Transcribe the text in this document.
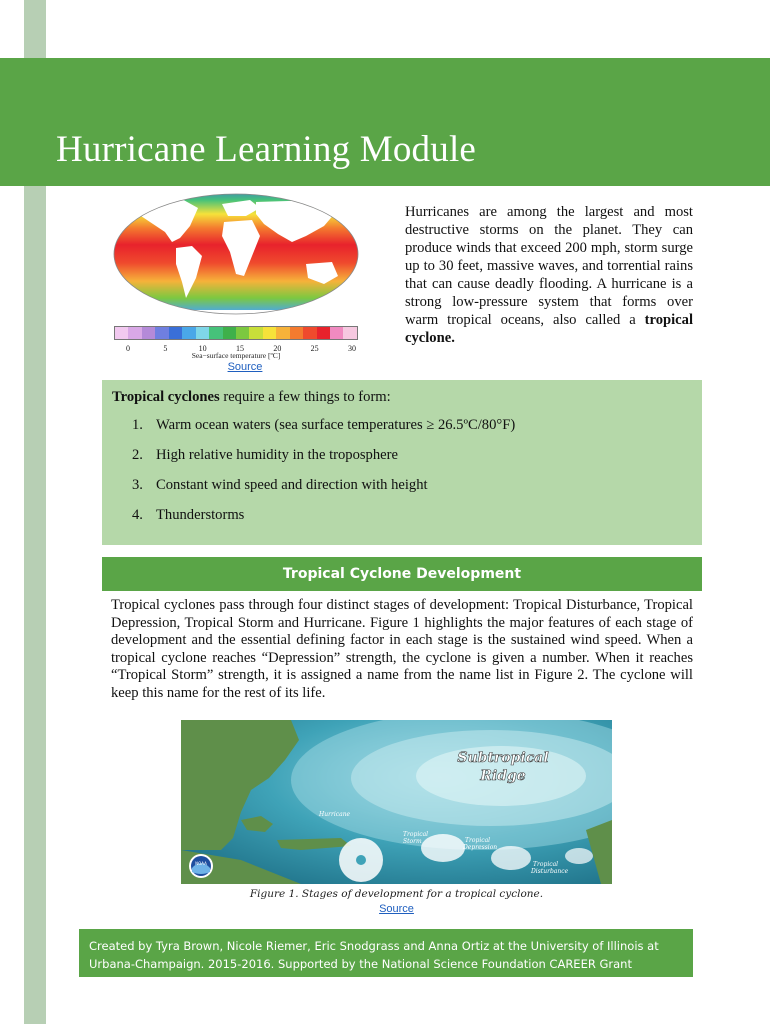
Hurricane Learning Module
0	5	10	15	20	25	30
Sea−surface temperature [ºC]
Source

Hurricanes are among the largest and most destructive storms on the planet. They can produce winds that exceed 200 mph, storm surge up to 30 feet, massive waves, and torrential rains that can cause deadly flooding. A hurricane is a strong low-pressure system that forms over warm tropical oceans, also called a tropical cyclone.

Tropical cyclones require a few things to form:

1. Warm ocean waters (sea surface temperatures ≥ 26.5ºC/80°F)
2. High relative humidity in the troposphere
3. Constant wind speed and direction with height
4. Thunderstorms
Tropical Cyclone Development

Tropical cyclones pass through four distinct stages of development: Tropical Disturbance, Tropical Depression, Tropical Storm and Hurricane. Figure 1 highlights the major features of each stage of development and the essential defining factor in each stage is the sustained wind speed. When a tropical cyclone reaches “Depression” strength, the cyclone is given a number. When it reaches “Tropical Storm” strength, it is assigned a name from the name list in Figure 2. The cyclone will keep this name for the rest of its life.

Subtropical
Ridge
Hurricane
Tropical
Storm	Tropical
Depression
Tropical
Disturbance
NOAA

Figure 1. Stages of development for a tropical cyclone.

Source

Created by Tyra Brown, Nicole Riemer, Eric Snodgrass and Anna Ortiz at the University of Illinois at Urbana-Champaign. 2015-2016. Supported by the National Science Foundation CAREER Grant #1254428.
